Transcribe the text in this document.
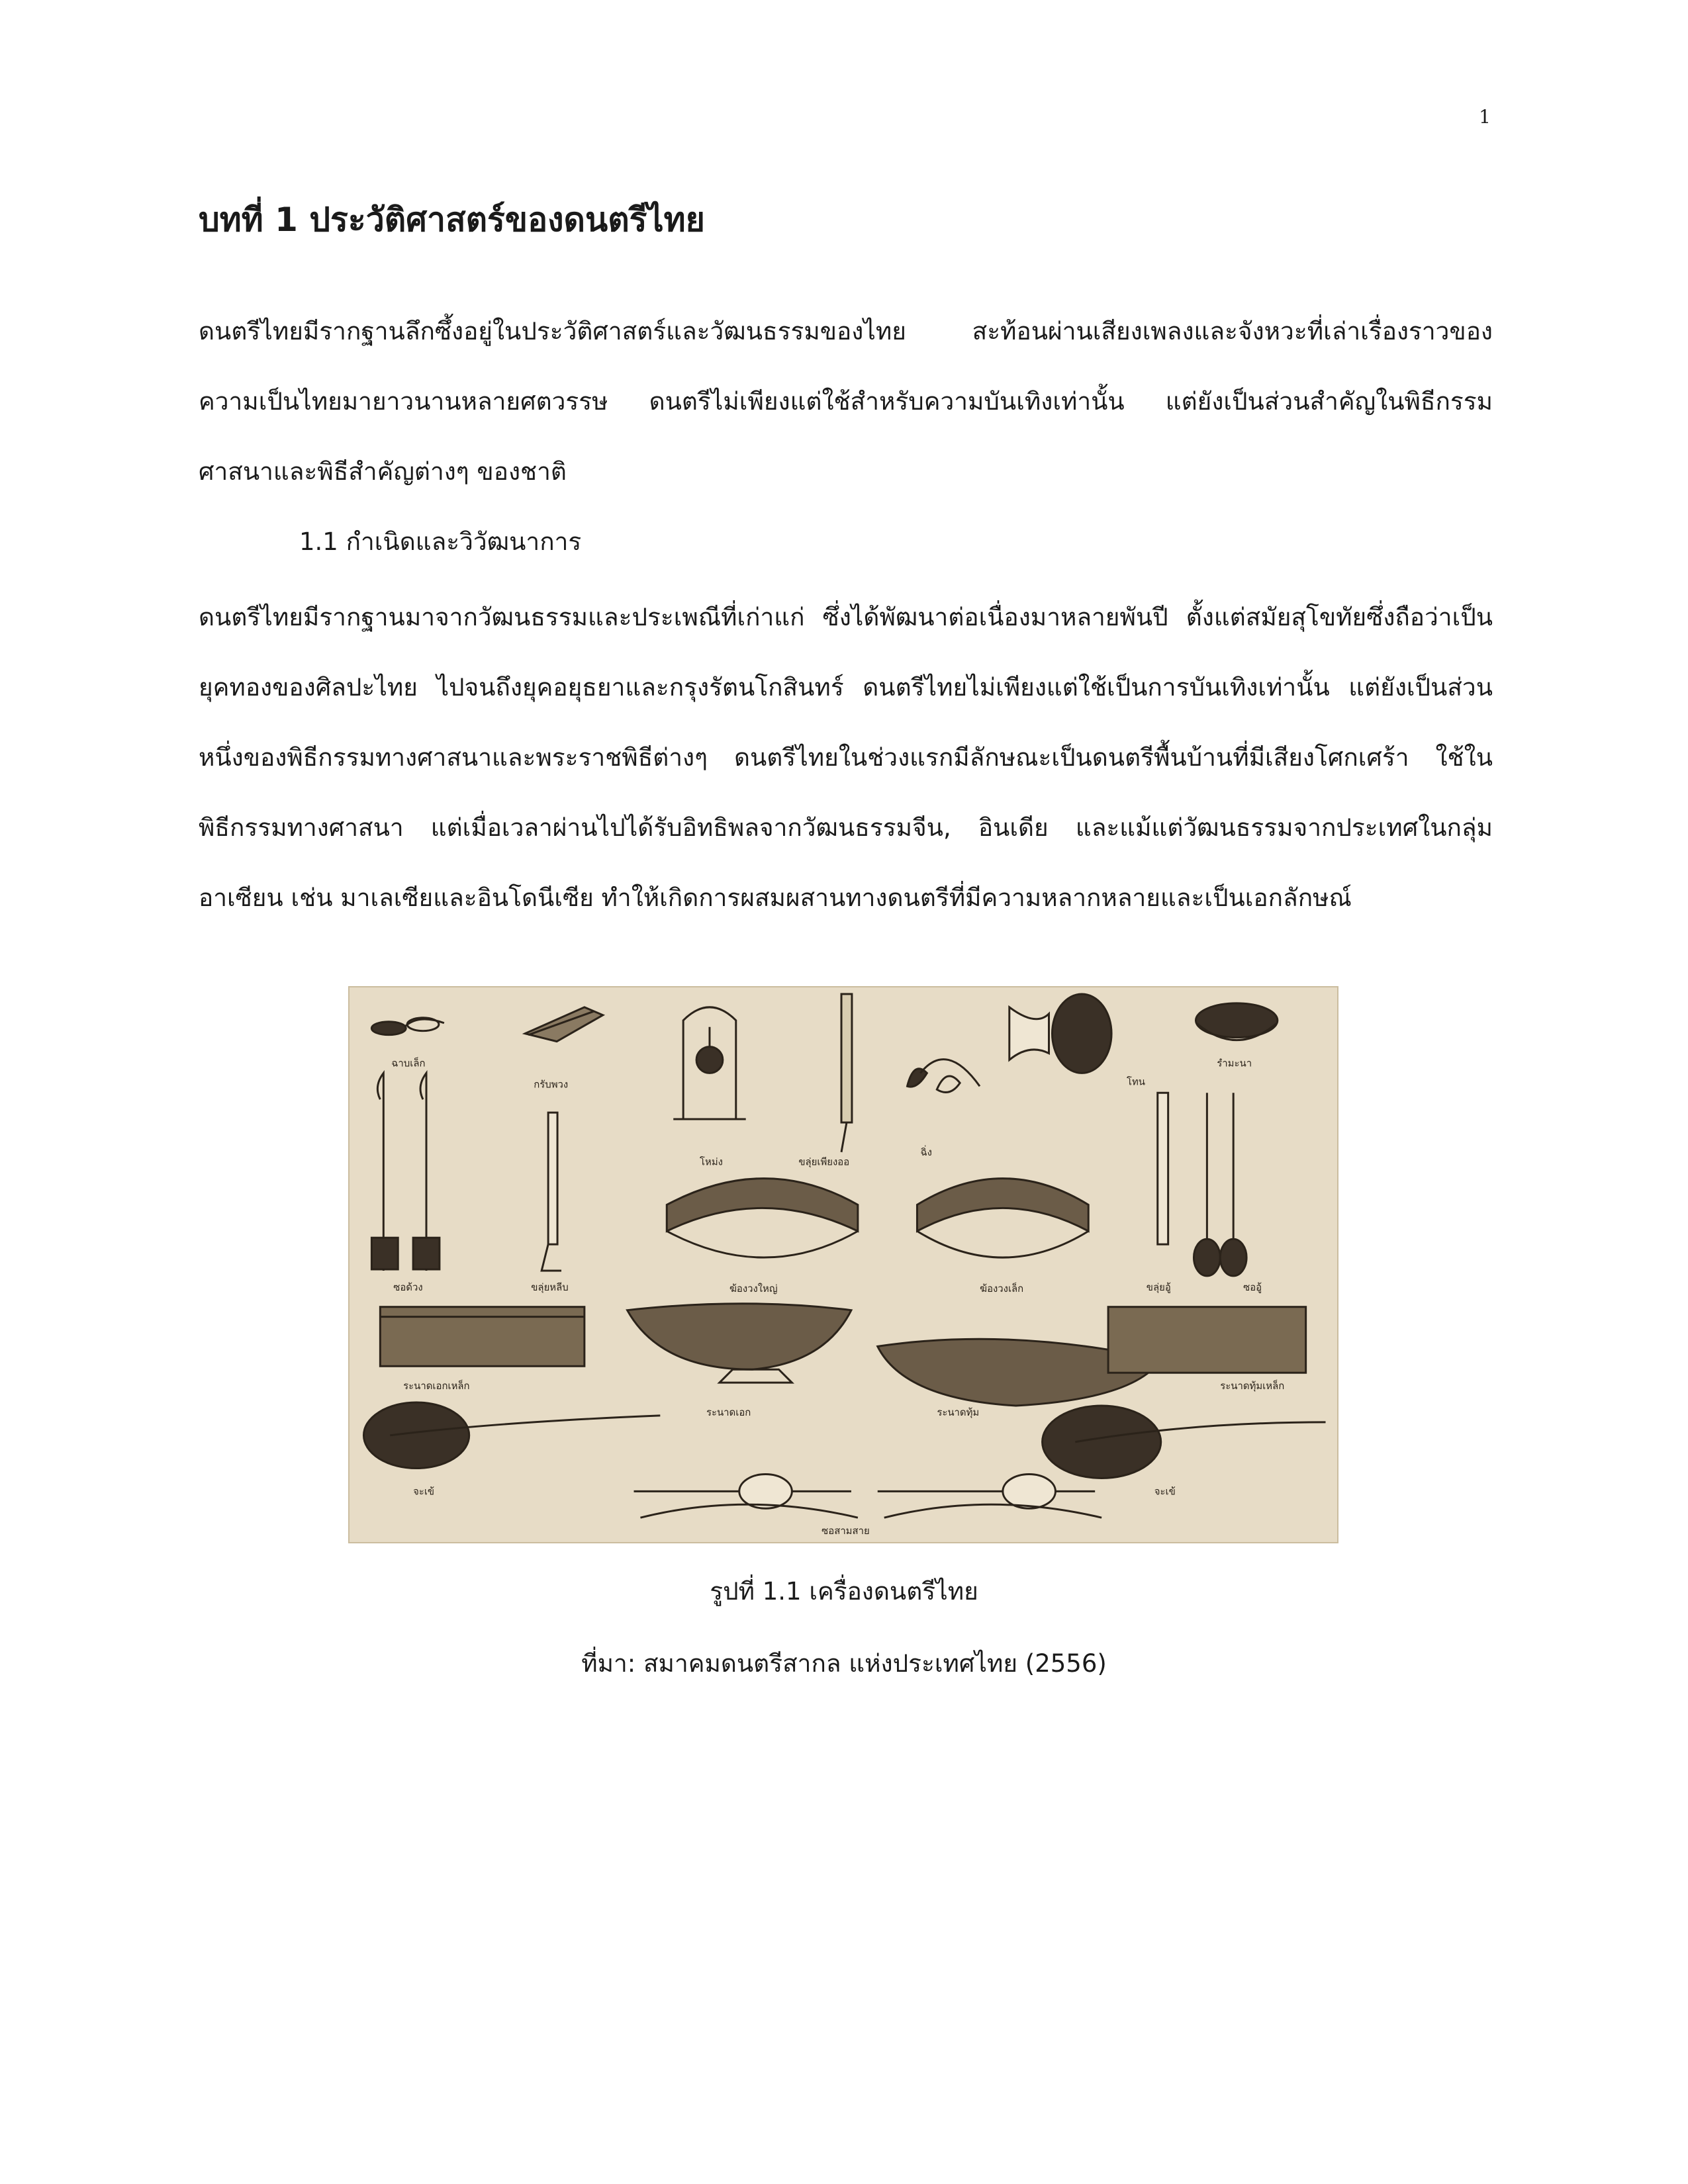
1
บทที่ 1 ประวัติศาสตร์ของดนตรีไทย

ดนตรีไทยมีรากฐานลึกซึ้งอยู่ในประวัติศาสตร์และวัฒนธรรมของไทย สะท้อนผ่านเสียงเพลงและจังหวะที่เล่าเรื่องราวของความเป็นไทยมายาวนานหลายศตวรรษ ดนตรีไม่เพียงแต่ใช้สำหรับความบันเทิงเท่านั้น แต่ยังเป็นส่วนสำคัญในพิธีกรรมศาสนาและพิธีสำคัญต่างๆ ของชาติ

1.1 กำเนิดและวิวัฒนาการ

ดนตรีไทยมีรากฐานมาจากวัฒนธรรมและประเพณีที่เก่าแก่ ซึ่งได้พัฒนาต่อเนื่องมาหลายพันปี ตั้งแต่สมัยสุโขทัยซึ่งถือว่าเป็นยุคทองของศิลปะไทย ไปจนถึงยุคอยุธยาและกรุงรัตนโกสินทร์ ดนตรีไทยไม่เพียงแต่ใช้เป็นการบันเทิงเท่านั้น แต่ยังเป็นส่วนหนึ่งของพิธีกรรมทางศาสนาและพระราชพิธีต่างๆ ดนตรีไทยในช่วงแรกมีลักษณะเป็นดนตรีพื้นบ้านที่มีเสียงโศกเศร้า ใช้ในพิธีกรรมทางศาสนา แต่เมื่อเวลาผ่านไปได้รับอิทธิพลจากวัฒนธรรมจีน, อินเดีย และแม้แต่วัฒนธรรมจากประเทศในกลุ่มอาเซียน เช่น มาเลเซียและอินโดนีเซีย ทำให้เกิดการผสมผสานทางดนตรีที่มีความหลากหลายและเป็นเอกลักษณ์

ฉาบเล็ก
กรับพวง
โหม่ง	ขลุ่ยเพียงออ
ฉิ่ง
โทน
รำมะนา
ซอด้วง	ขลุ่ยหลีบ	ฆ้องวงใหญ่	ฆ้องวงเล็ก	ขลุ่ยอู้	ซออู้
ระนาดเอกเหล็ก
ระนาดเอก	ระนาดทุ้ม
ระนาดทุ้มเหล็ก
จะเข้	จะเข้
ซอสามสาย

รูปที่ 1.1 เครื่องดนตรีไทย

ที่มา: สมาคมดนตรีสากล แห่งประเทศไทย (2556)
